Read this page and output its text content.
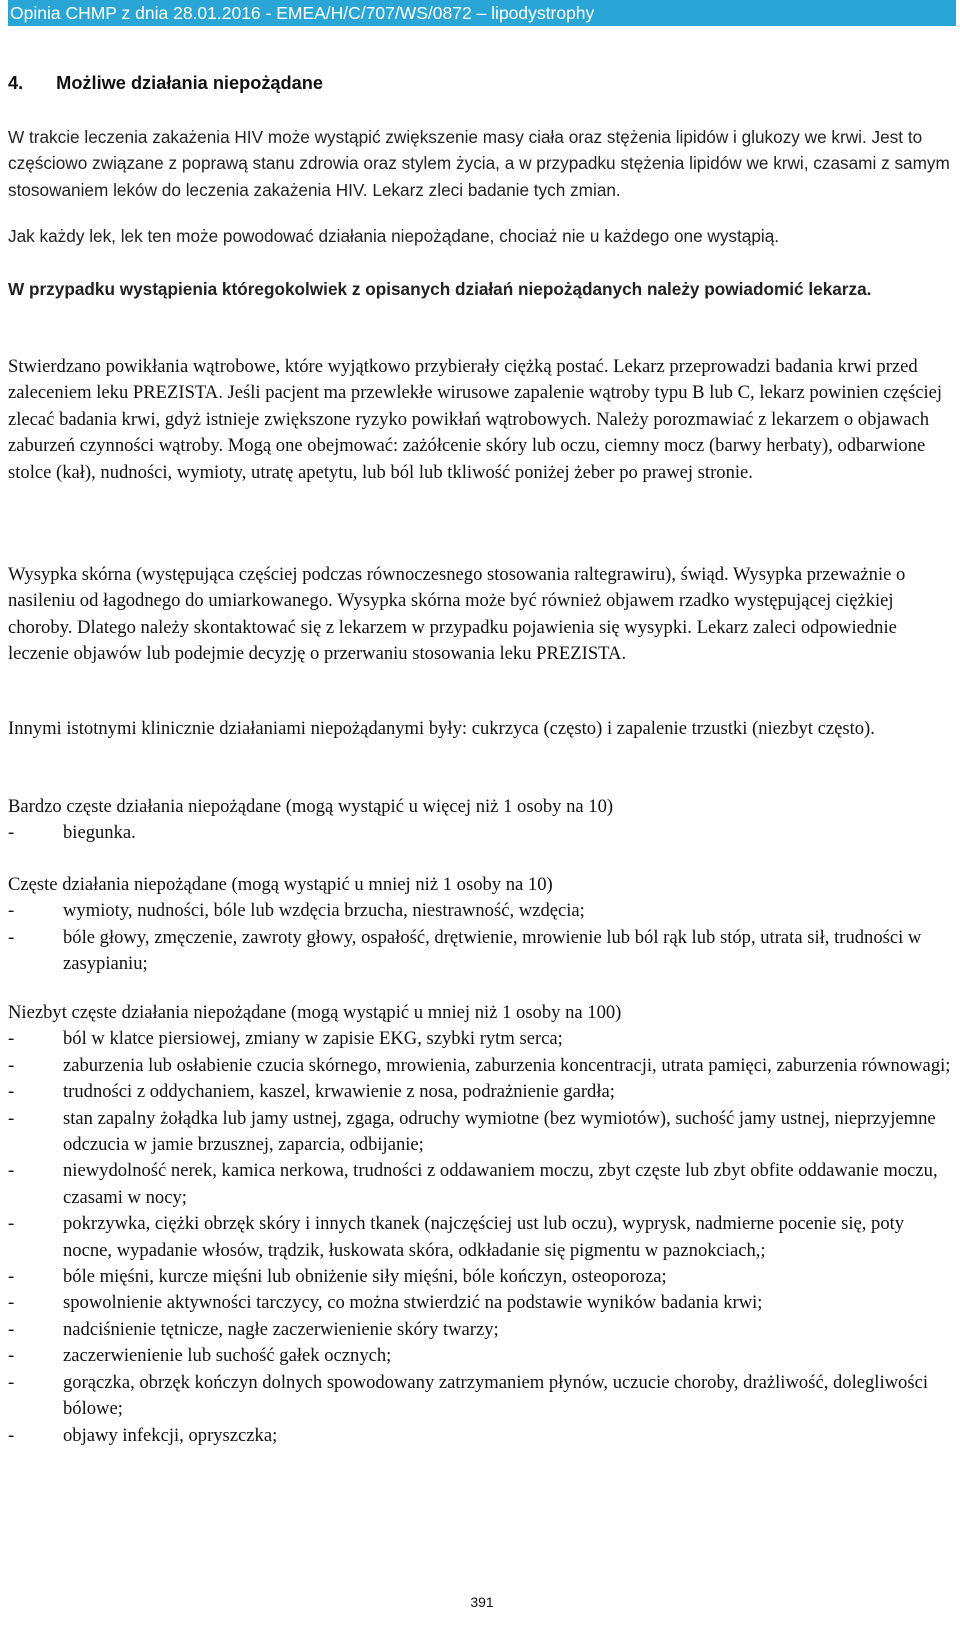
Opinia CHMP z dnia 28.01.2016 - EMEA/H/C/707/WS/0872 – lipodystrophy
4. Możliwe działania niepożądane

W trakcie leczenia zakażenia HIV może wystąpić zwiększenie masy ciała oraz stężenia lipidów i glukozy we krwi. Jest to częściowo związane z poprawą stanu zdrowia oraz stylem życia, a w przypadku stężenia lipidów we krwi, czasami z samym stosowaniem leków do leczenia zakażenia HIV. Lekarz zleci badanie tych zmian.

Jak każdy lek, lek ten może powodować działania niepożądane, chociaż nie u każdego one wystąpią.

W przypadku wystąpienia któregokolwiek z opisanych działań niepożądanych należy powiadomić lekarza.

Stwierdzano powikłania wątrobowe, które wyjątkowo przybierały ciężką postać. Lekarz przeprowadzi badania krwi przed zaleceniem leku PREZISTA. Jeśli pacjent ma przewlekłe wirusowe zapalenie wątroby typu B lub C, lekarz powinien częściej zlecać badania krwi, gdyż istnieje zwiększone ryzyko powikłań wątrobowych. Należy porozmawiać z lekarzem o objawach zaburzeń czynności wątroby. Mogą one obejmować: zażółcenie skóry lub oczu, ciemny mocz (barwy herbaty), odbarwione stolce (kał), nudności, wymioty, utratę apetytu, lub ból lub tkliwość poniżej żeber po prawej stronie.

Wysypka skórna (występująca częściej podczas równoczesnego stosowania raltegrawiru), świąd. Wysypka przeważnie o nasileniu od łagodnego do umiarkowanego. Wysypka skórna może być również objawem rzadko występującej ciężkiej choroby. Dlatego należy skontaktować się z lekarzem w przypadku pojawienia się wysypki. Lekarz zaleci odpowiednie leczenie objawów lub podejmie decyzję o przerwaniu stosowania leku PREZISTA.

Innymi istotnymi klinicznie działaniami niepożądanymi były: cukrzyca (często) i zapalenie trzustki (niezbyt często).

Bardzo częste działania niepożądane (mogą wystąpić u więcej niż 1 osoby na 10)
- biegunka.
Częste działania niepożądane (mogą wystąpić u mniej niż 1 osoby na 10)
- wymioty, nudności, bóle lub wzdęcia brzucha, niestrawność, wzdęcia;
- bóle głowy, zmęczenie, zawroty głowy, ospałość, drętwienie, mrowienie lub ból rąk lub stóp, utrata sił, trudności w zasypianiu;
Niezbyt częste działania niepożądane (mogą wystąpić u mniej niż 1 osoby na 100)
- ból w klatce piersiowej, zmiany w zapisie EKG, szybki rytm serca;
- zaburzenia lub osłabienie czucia skórnego, mrowienia, zaburzenia koncentracji, utrata pamięci, zaburzenia równowagi;
- trudności z oddychaniem, kaszel, krwawienie z nosa, podrażnienie gardła;
- stan zapalny żołądka lub jamy ustnej, zgaga, odruchy wymiotne (bez wymiotów), suchość jamy ustnej, nieprzyjemne odczucia w jamie brzusznej, zaparcia, odbijanie;
- niewydolność nerek, kamica nerkowa, trudności z oddawaniem moczu, zbyt częste lub zbyt obfite oddawanie moczu, czasami w nocy;
- pokrzywka, ciężki obrzęk skóry i innych tkanek (najczęściej ust lub oczu), wyprysk, nadmierne pocenie się, poty nocne, wypadanie włosów, trądzik, łuskowata skóra, odkładanie się pigmentu w paznokciach,;
- bóle mięśni, kurcze mięśni lub obniżenie siły mięśni, bóle kończyn, osteoporoza;
- spowolnienie aktywności tarczycy, co można stwierdzić na podstawie wyników badania krwi;
- nadciśnienie tętnicze, nagłe zaczerwienienie skóry twarzy;
- zaczerwienienie lub suchość gałek ocznych;
- gorączka, obrzęk kończyn dolnych spowodowany zatrzymaniem płynów, uczucie choroby, drażliwość, dolegliwości bólowe;
- objawy infekcji, opryszczka;
391
